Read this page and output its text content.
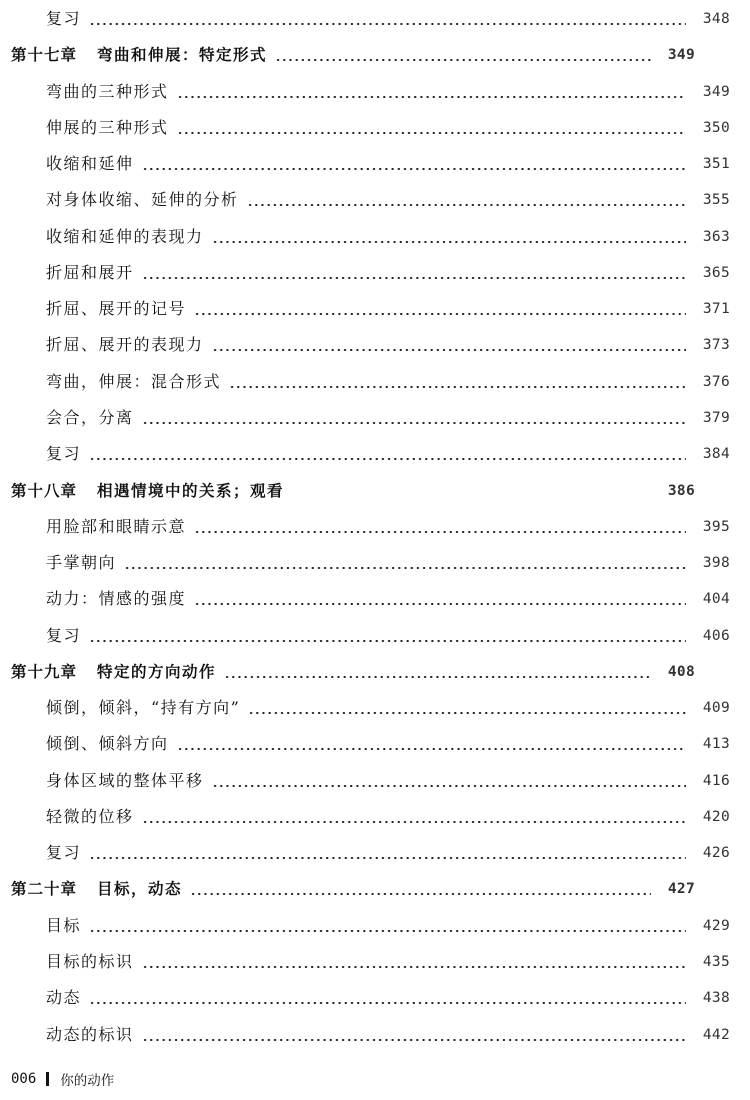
复习	348
第十七章 弯曲和伸展：特定形式	349
弯曲的三种形式	349
伸展的三种形式	350
收缩和延伸	351
对身体收缩、延伸的分析	355
收缩和延伸的表现力	363
折屈和展开	365
折屈、展开的记号	371
折屈、展开的表现力	373
弯曲，伸展：混合形式	376
会合，分离	379
复习	384
第十八章 相遇情境中的关系；观看	386
用脸部和眼睛示意	395
手掌朝向	398
动力：情感的强度	404
复习	406
第十九章 特定的方向动作	408
倾倒，倾斜，“持有方向”	409
倾倒、倾斜方向	413
身体区域的整体平移	416
轻微的位移	420
复习	426
第二十章 目标，动态	427
目标	429
目标的标识	435
动态	438
动态的标识	442
006 你的动作
